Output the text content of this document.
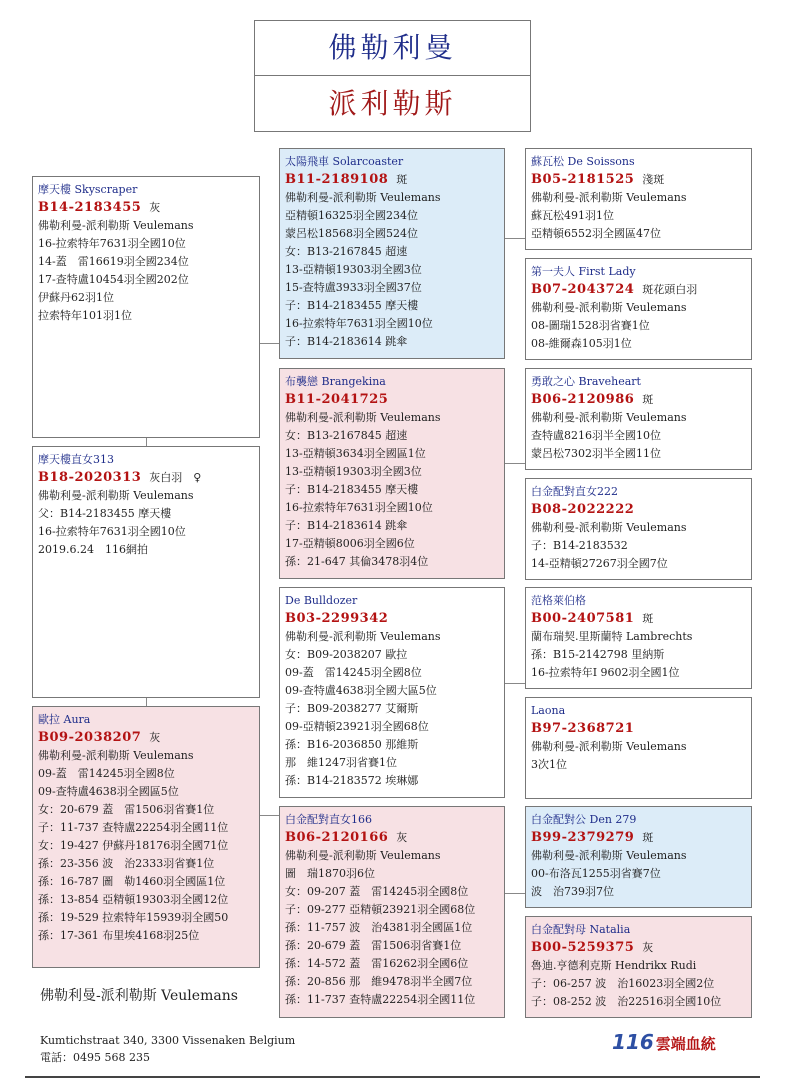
佛勒利曼
派利勒斯
摩天樓 Skyscraper
B14-2183455 灰
佛勒利曼-派利勒斯 Veulemans
16-拉索特年7631羽全國10位
14-蓋　雷16619羽全國234位
17-查特盧10454羽全國202位
伊蘇丹62羽1位
拉索特年101羽1位
摩天樓直女313
B18-2020313 灰白羽　♀
佛勒利曼-派利勒斯 Veulemans
父：B14-2183455 摩天樓
16-拉索特年7631羽全國10位
2019.6.24　116網拍
歐拉 Aura
B09-2038207 灰
佛勒利曼-派利勒斯 Veulemans
09-蓋　雷14245羽全國8位
09-查特盧4638羽全國區5位
女：20-679 蓋　雷1506羽省賽1位
子：11-737 查特盧22254羽全國11位
女：19-427 伊蘇丹18176羽全國71位
孫：23-356 波　治2333羽省賽1位
孫：16-787 圖　勒1460羽全國區1位
孫：13-854 亞精頓19303羽全國12位
孫：19-529 拉索特年15939羽全國50
孫：17-361 布里埃4168羽25位
太陽飛車 Solarcoaster
B11-2189108 斑
佛勒利曼-派利勒斯 Veulemans
亞精頓16325羽全國234位
蒙呂松18568羽全國524位
女：B13-2167845 超速
13-亞精頓19303羽全國3位
15-查特盧3933羽全國37位
子：B14-2183455 摩天樓
16-拉索特年7631羽全國10位
子：B14-2183614 跳傘
布襲戀 Brangekina
B11-2041725
佛勒利曼-派利勒斯 Veulemans
女：B13-2167845 超速
13-亞精頓3634羽全國區1位
13-亞精頓19303羽全國3位
子：B14-2183455 摩天樓
16-拉索特年7631羽全國10位
子：B14-2183614 跳傘
17-亞精頓8006羽全國6位
孫：21-647 其倫3478羽4位
De Bulldozer
B03-2299342
佛勒利曼-派利勒斯 Veulemans
女：B09-2038207 歐拉
09-蓋　雷14245羽全國8位
09-查特盧4638羽全國大區5位
子：B09-2038277 艾爾斯
09-亞精頓23921羽全國68位
孫：B16-2036850 那維斯
那　維1247羽省賽1位
孫：B14-2183572 埃琳娜
白金配對直女166
B06-2120166 灰
佛勒利曼-派利勒斯 Veulemans
圖　瑞1870羽6位
女：09-207 蓋　雷14245羽全國8位
子：09-277 亞精頓23921羽全國68位
孫：11-757 波　治4381羽全國區1位
孫：20-679 蓋　雷1506羽省賽1位
孫：14-572 蓋　雷16262羽全國6位
孫：20-856 那　維9478羽半全國7位
孫：11-737 查特盧22254羽全國11位
蘇瓦松 De Soissons
B05-2181525 淺斑
佛勒利曼-派利勒斯 Veulemans
蘇瓦松491羽1位
亞精頓6552羽全國區47位
第一夫人 First Lady
B07-2043724 斑花頭白羽
佛勒利曼-派利勒斯 Veulemans
08-圖瑞1528羽省賽1位
08-維爾森105羽1位
勇敢之心 Braveheart
B06-2120986 斑
佛勒利曼-派利勒斯 Veulemans
查特盧8216羽半全國10位
蒙呂松7302羽半全國11位
白金配對直女222
B08-2022222
佛勒利曼-派利勒斯 Veulemans
子：B14-2183532
14-亞精頓27267羽全國7位
范格萊伯格
B00-2407581 斑
蘭布瑞契.里斯蘭特 Lambrechts
孫：B15-2142798 里納斯
16-拉索特年I 9602羽全國1位
Laona
B97-2368721
佛勒利曼-派利勒斯 Veulemans
3次1位
白金配對公 Den 279
B99-2379279 斑
佛勒利曼-派利勒斯 Veulemans
00-布洛瓦1255羽省賽7位
波　治739羽7位
白金配對母 Natalia
B00-5259375 灰
魯迪.亨德利克斯 Hendrikx Rudi
子：06-257 波　治16023羽全國2位
子：08-252 波　治22516羽全國10位
佛勒利曼-派利勒斯 Veulemans
Kumtichstraat 340, 3300 Vissenaken Belgium
電話：0495 568 235
116 雲端血統
